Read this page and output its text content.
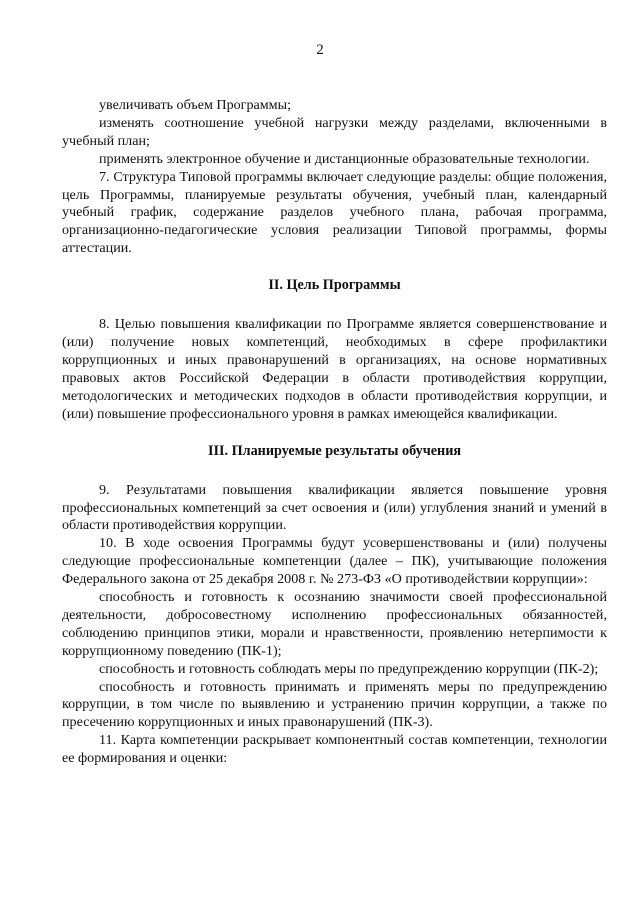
2

увеличивать объем Программы;

изменять соотношение учебной нагрузки между разделами, включенными в учебный план;

применять электронное обучение и дистанционные образовательные технологии.

7. Структура Типовой программы включает следующие разделы: общие положения, цель Программы, планируемые результаты обучения, учебный план, календарный учебный график, содержание разделов учебного плана, рабочая программа, организационно-педагогические условия реализации Типовой программы, формы аттестации.

II. Цель Программы

8. Целью повышения квалификации по Программе является совершенствование и (или) получение новых компетенций, необходимых в сфере профилактики коррупционных и иных правонарушений в организациях, на основе нормативных правовых актов Российской Федерации в области противодействия коррупции, методологических и методических подходов в области противодействия коррупции, и (или) повышение профессионального уровня в рамках имеющейся квалификации.

III. Планируемые результаты обучения

9. Результатами повышения квалификации является повышение уровня профессиональных компетенций за счет освоения и (или) углубления знаний и умений в области противодействия коррупции.

10. В ходе освоения Программы будут усовершенствованы и (или) получены следующие профессиональные компетенции (далее – ПК), учитывающие положения Федерального закона от 25 декабря 2008 г. № 273-ФЗ «О противодействии коррупции»:

способность и готовность к осознанию значимости своей профессиональной деятельности, добросовестному исполнению профессиональных обязанностей, соблюдению принципов этики, морали и нравственности, проявлению нетерпимости к коррупционному поведению (ПК-1);

способность и готовность соблюдать меры по предупреждению коррупции (ПК-2);

способность и готовность принимать и применять меры по предупреждению коррупции, в том числе по выявлению и устранению причин коррупции, а также по пресечению коррупционных и иных правонарушений (ПК-3).

11. Карта компетенции раскрывает компонентный состав компетенции, технологии ее формирования и оценки:
